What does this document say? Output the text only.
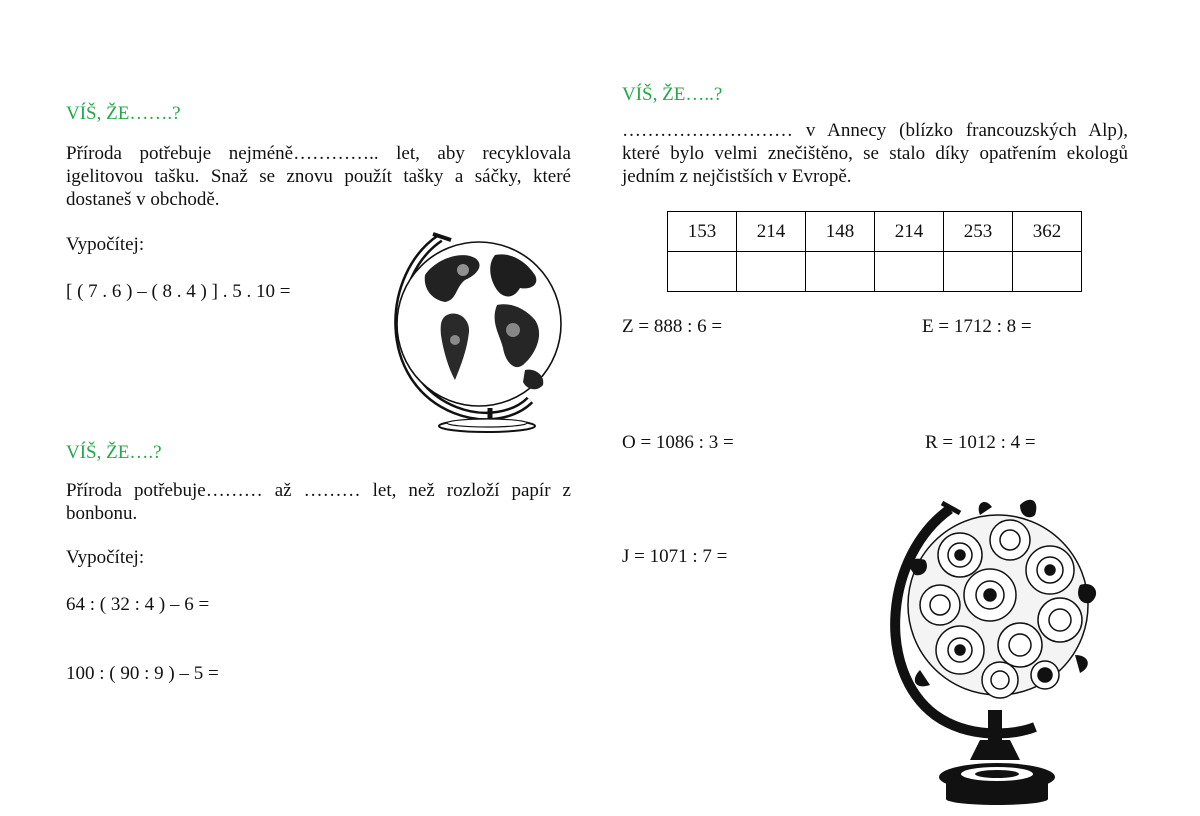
VÍŠ, ŽE…….?
Příroda potřebuje nejméně………….. let, aby recyklovala igelitovou tašku. Snaž se znovu použít tašky a sáčky, které dostaneš v obchodě.
Vypočítej:
[ ( 7 . 6 ) – ( 8 . 4 ) ] . 5 . 10 =
VÍŠ, ŽE….?
Příroda potřebuje……… až ……… let, než rozloží papír z bonbonu.
Vypočítej:
64 : ( 32 : 4 ) – 6 =
100 : ( 90 : 9 ) – 5 =
VÍŠ, ŽE…..?
……………………… v Annecy (blízko francouzských Alp), které bylo velmi znečištěno, se stalo díky opatřením ekologů jedním z nejčistších v Evropě.
153	214	148	214	253	362

Z = 888 : 6 =	E = 1712 : 8 =
O = 1086 : 3 =	R = 1012 : 4 =
J = 1071 : 7 =
